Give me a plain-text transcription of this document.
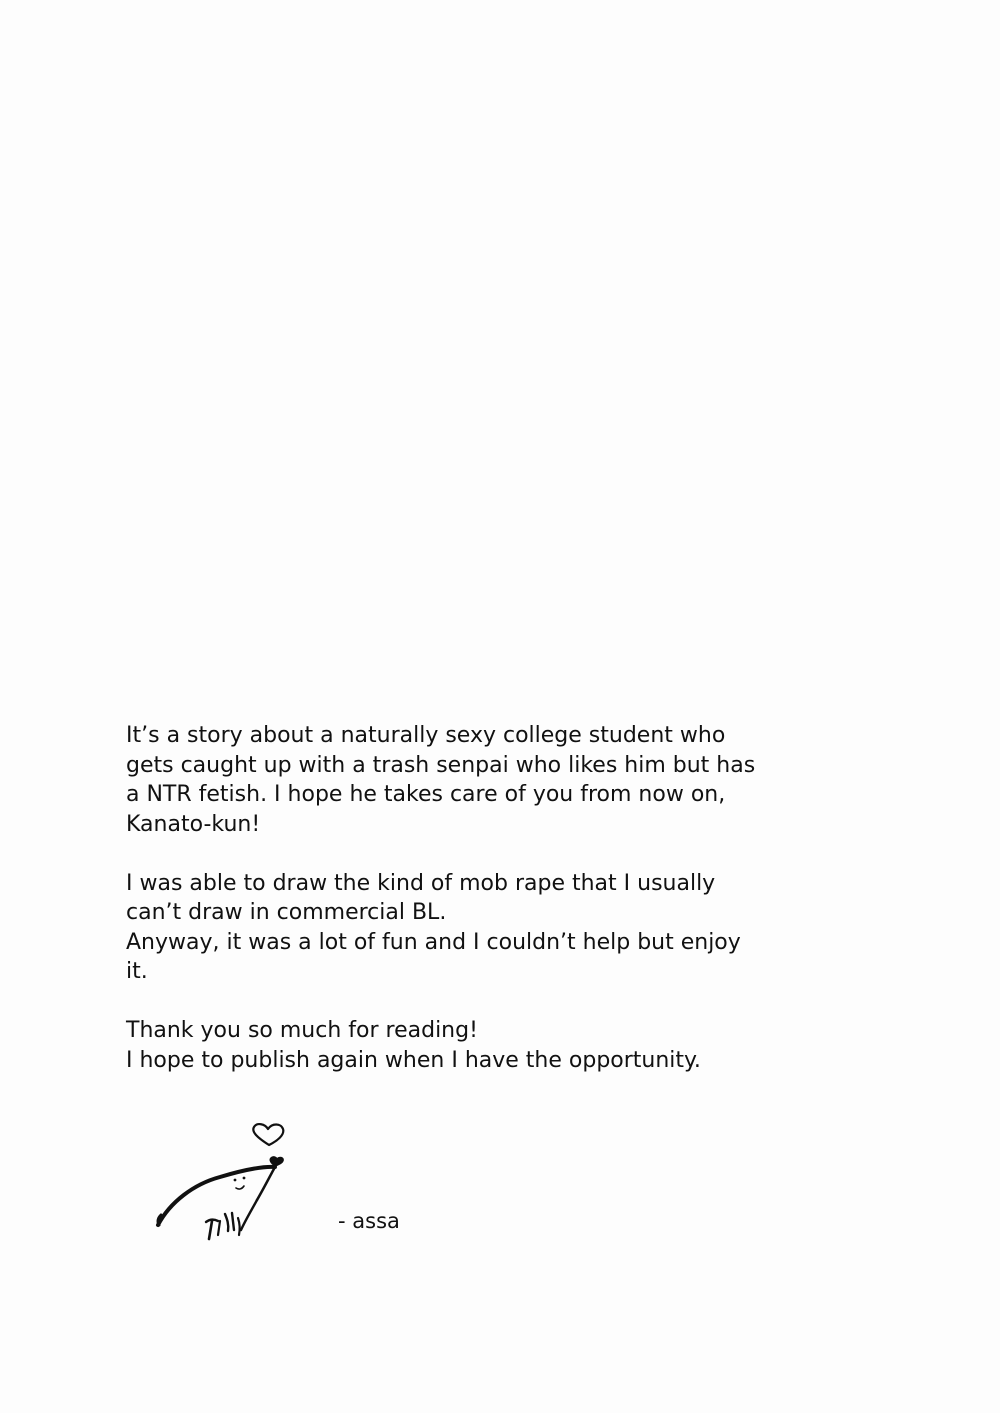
It’s a story about a naturally sexy college student who
gets caught up with a trash senpai who likes him but has
a NTR fetish. I hope he takes care of you from now on,
Kanato-kun!

I was able to draw the kind of mob rape that I usually
can’t draw in commercial BL.
Anyway, it was a lot of fun and I couldn’t help but enjoy
it.

Thank you so much for reading!
I hope to publish again when I have the opportunity.

- assa
